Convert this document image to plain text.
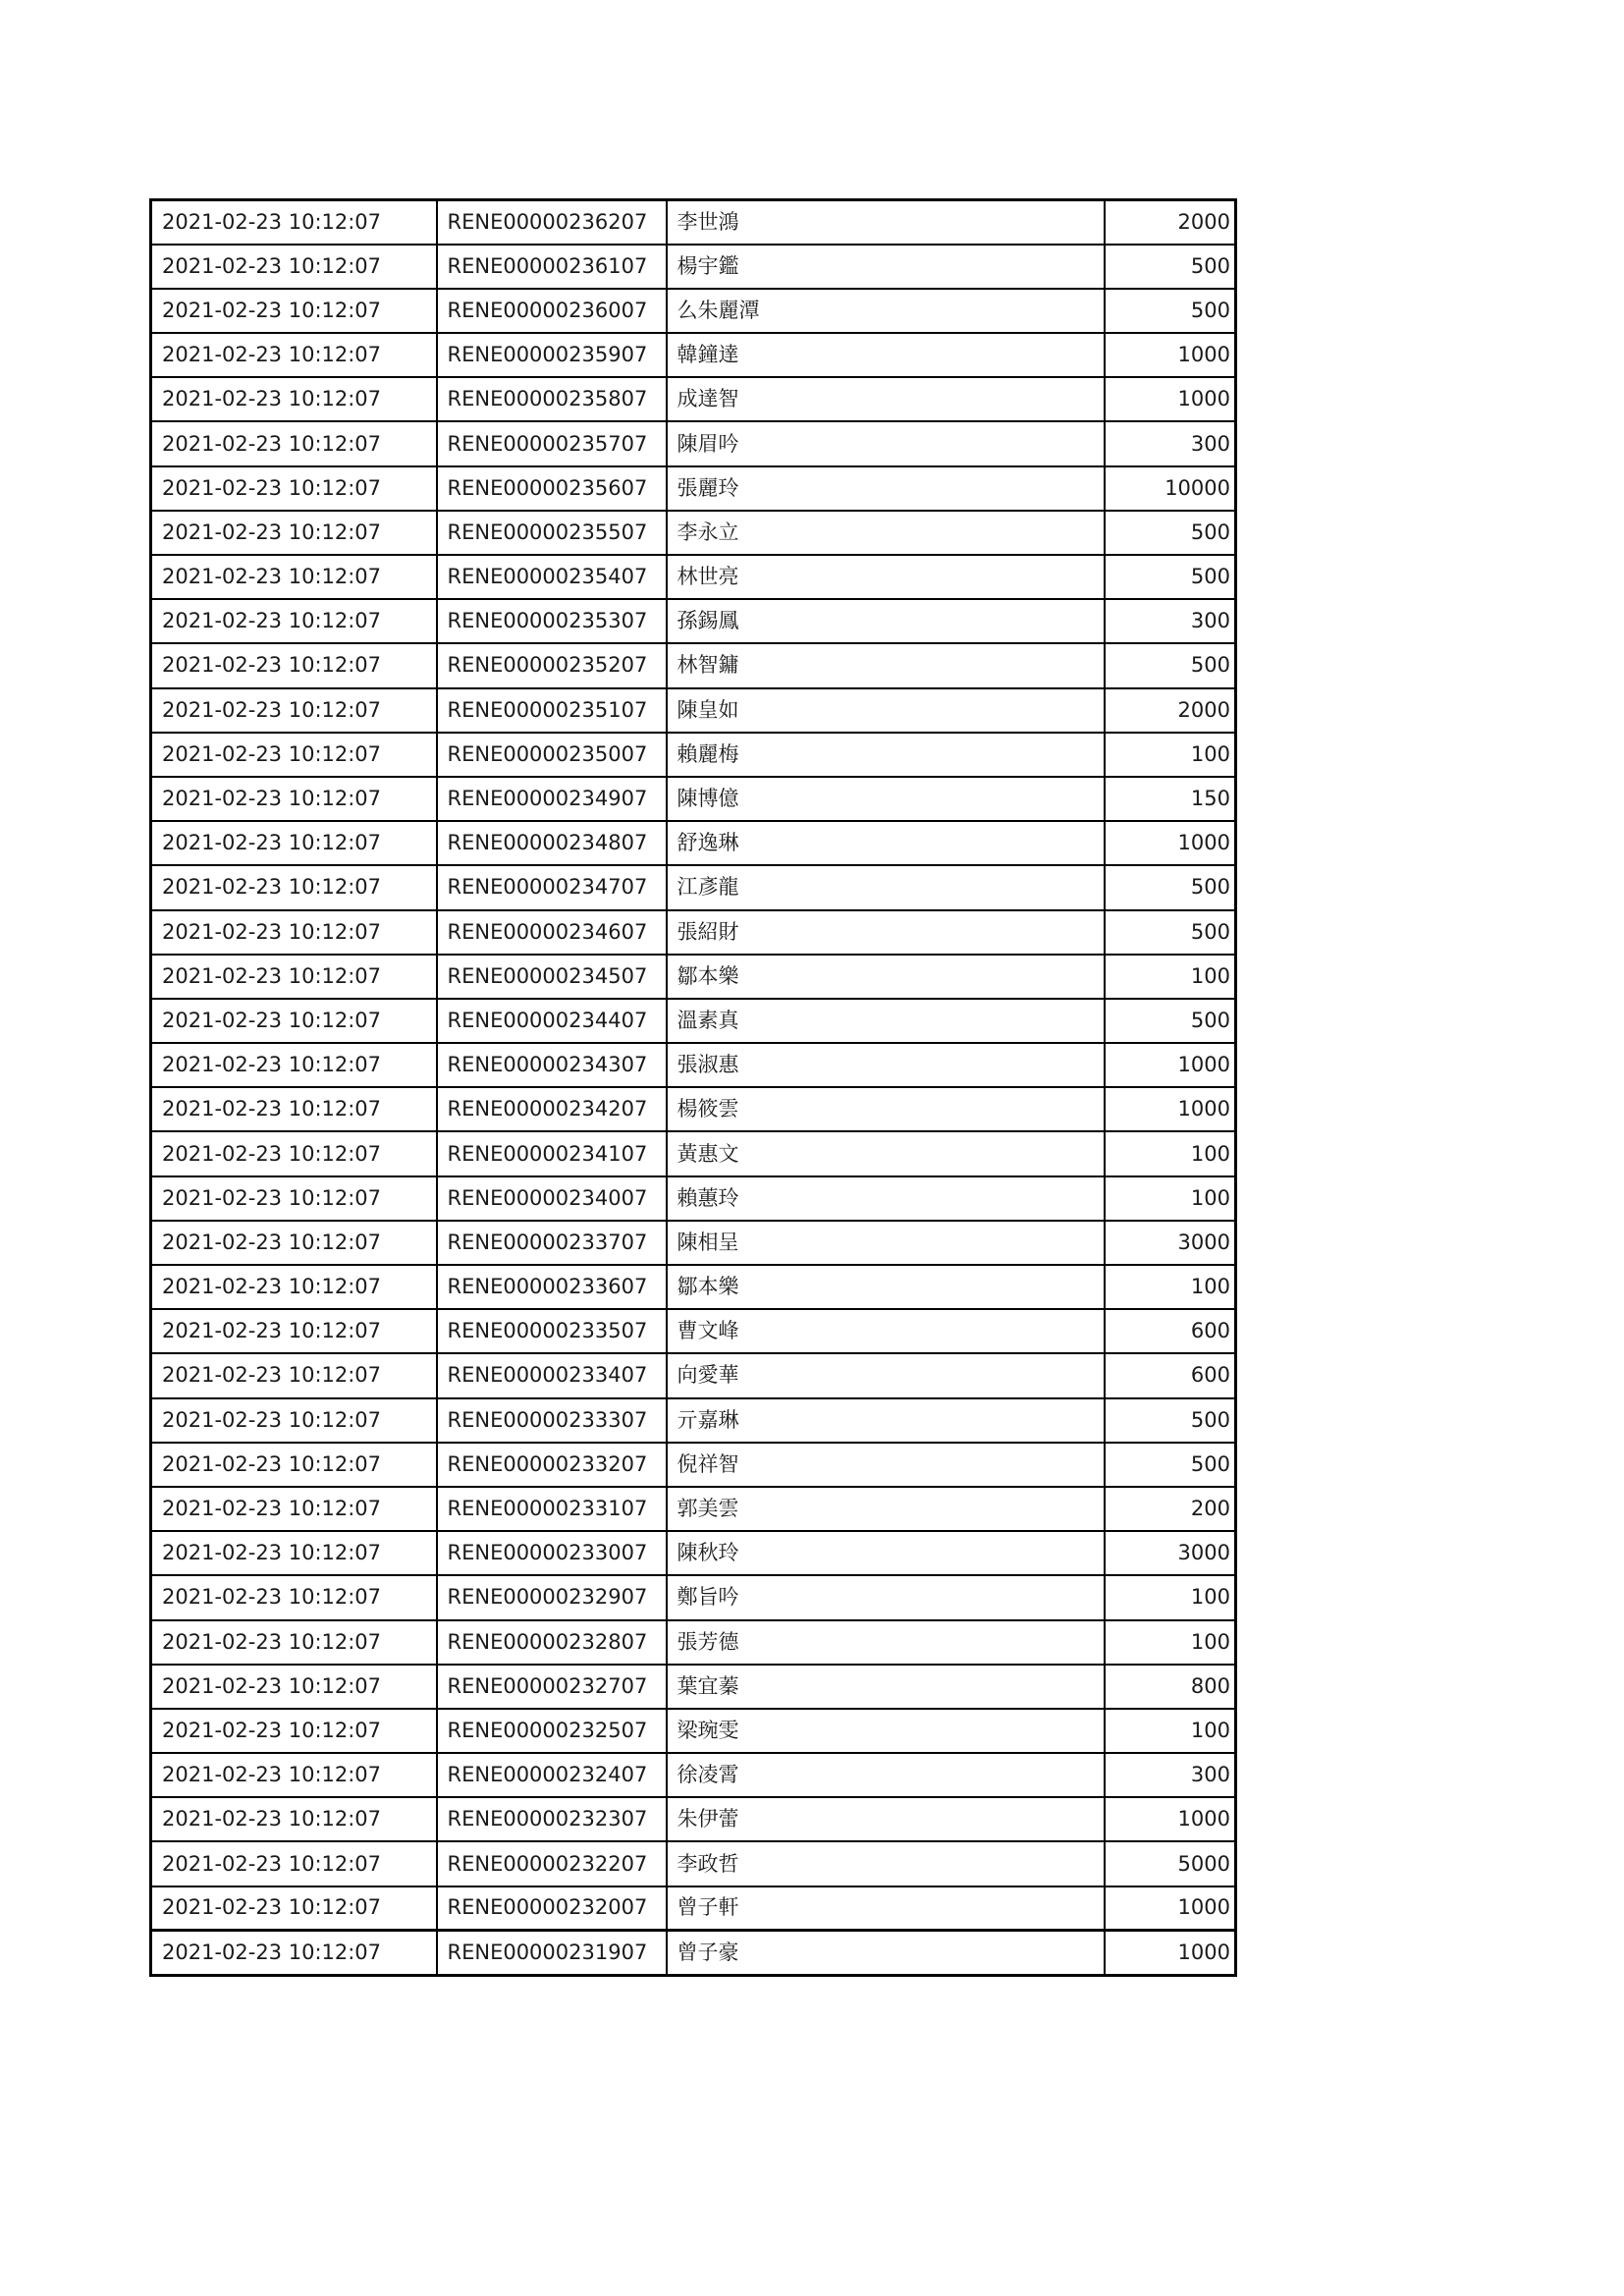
2021-02-23 10:12:07	RENE00000236207	李世鴻	2000
2021-02-23 10:12:07	RENE00000236107	楊宇鑑	500
2021-02-23 10:12:07	RENE00000236007	么朱麗潭	500
2021-02-23 10:12:07	RENE00000235907	韓鐘達	1000
2021-02-23 10:12:07	RENE00000235807	成達智	1000
2021-02-23 10:12:07	RENE00000235707	陳眉吟	300
2021-02-23 10:12:07	RENE00000235607	張麗玲	10000
2021-02-23 10:12:07	RENE00000235507	李永立	500
2021-02-23 10:12:07	RENE00000235407	林世亮	500
2021-02-23 10:12:07	RENE00000235307	孫錫鳳	300
2021-02-23 10:12:07	RENE00000235207	林智鏞	500
2021-02-23 10:12:07	RENE00000235107	陳皇如	2000
2021-02-23 10:12:07	RENE00000235007	賴麗梅	100
2021-02-23 10:12:07	RENE00000234907	陳博億	150
2021-02-23 10:12:07	RENE00000234807	舒逸琳	1000
2021-02-23 10:12:07	RENE00000234707	江彥龍	500
2021-02-23 10:12:07	RENE00000234607	張紹財	500
2021-02-23 10:12:07	RENE00000234507	鄒本樂	100
2021-02-23 10:12:07	RENE00000234407	溫素真	500
2021-02-23 10:12:07	RENE00000234307	張淑惠	1000
2021-02-23 10:12:07	RENE00000234207	楊筱雲	1000
2021-02-23 10:12:07	RENE00000234107	黃惠文	100
2021-02-23 10:12:07	RENE00000234007	賴蕙玲	100
2021-02-23 10:12:07	RENE00000233707	陳相呈	3000
2021-02-23 10:12:07	RENE00000233607	鄒本樂	100
2021-02-23 10:12:07	RENE00000233507	曹文峰	600
2021-02-23 10:12:07	RENE00000233407	向愛華	600
2021-02-23 10:12:07	RENE00000233307	亓嘉琳	500
2021-02-23 10:12:07	RENE00000233207	倪祥智	500
2021-02-23 10:12:07	RENE00000233107	郭美雲	200
2021-02-23 10:12:07	RENE00000233007	陳秋玲	3000
2021-02-23 10:12:07	RENE00000232907	鄭旨吟	100
2021-02-23 10:12:07	RENE00000232807	張芳德	100
2021-02-23 10:12:07	RENE00000232707	葉宜蓁	800
2021-02-23 10:12:07	RENE00000232507	梁琬雯	100
2021-02-23 10:12:07	RENE00000232407	徐凌霄	300
2021-02-23 10:12:07	RENE00000232307	朱伊蕾	1000
2021-02-23 10:12:07	RENE00000232207	李政哲	5000
2021-02-23 10:12:07	RENE00000232007	曾子軒	1000
2021-02-23 10:12:07	RENE00000231907	曾子豪	1000
